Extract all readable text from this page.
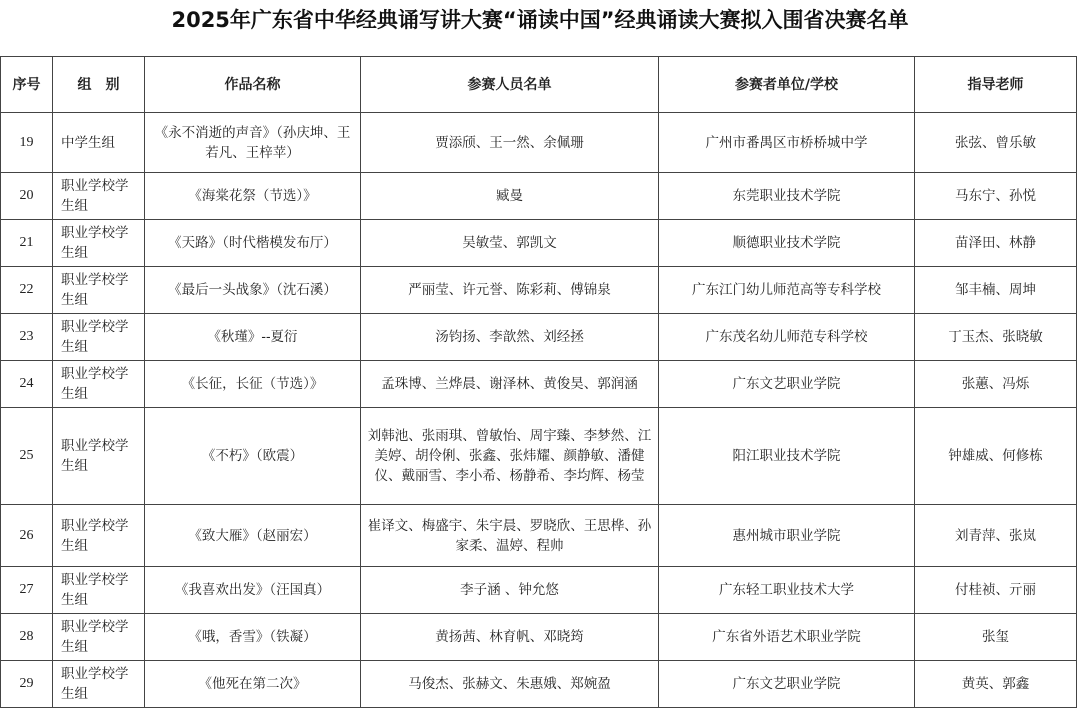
2025年广东省中华经典诵写讲大赛“诵读中国”经典诵读大赛拟入围省决赛名单
序号	组　别	作品名称	参赛人员名单	参赛者单位/学校	指导老师
19	中学生组	《永不消逝的声音》（孙庆坤、王若凡、王梓苹）	贾添颀、王一然、余佩珊	广州市番禺区市桥桥城中学	张弦、曾乐敏
20	职业学校学生组	《海棠花祭（节选）》	臧曼	东莞职业技术学院	马东宁、孙悦
21	职业学校学生组	《天路》（时代楷模发布厅）	吴敏莹、郭凯文	顺德职业技术学院	苗泽田、林静
22	职业学校学生组	《最后一头战象》（沈石溪）	严丽莹、许元誉、陈彩莉、傅锦泉	广东江门幼儿师范高等专科学校	邹丰楠、周坤
23	职业学校学生组	《秋瑾》--夏衍	汤钧扬、李歆然、刘经拯	广东茂名幼儿师范专科学校	丁玉杰、张晓敏
24	职业学校学生组	《长征，长征（节选）》	孟珠博、兰烨晨、谢泽林、黄俊昊、郭润涵	广东文艺职业学院	张蕙、冯烁
25	职业学校学生组	《不朽》（欧震）	刘韩池、张雨琪、曾敏怡、周宇臻、李梦然、江美婷、胡伶俐、张鑫、张炜耀、颜静敏、潘健仪、戴丽雪、李小希、杨静希、李均辉、杨莹	阳江职业技术学院	钟雄威、何修栋
26	职业学校学生组	《致大雁》（赵丽宏）	崔译文、梅盛宇、朱宇晨、罗晓欣、王思桦、孙家柔、温婷、程帅	惠州城市职业学院	刘青萍、张岚
27	职业学校学生组	《我喜欢出发》（汪国真）	李子涵 、钟允悠	广东轻工职业技术大学	付桂祯、亓丽
28	职业学校学生组	《哦，香雪》（铁凝）	黄扬茜、林育帆、邓晓筠	广东省外语艺术职业学院	张玺
29	职业学校学生组	《他死在第二次》	马俊杰、张赫文、朱惠娥、郑婉盈	广东文艺职业学院	黄英、郭鑫
